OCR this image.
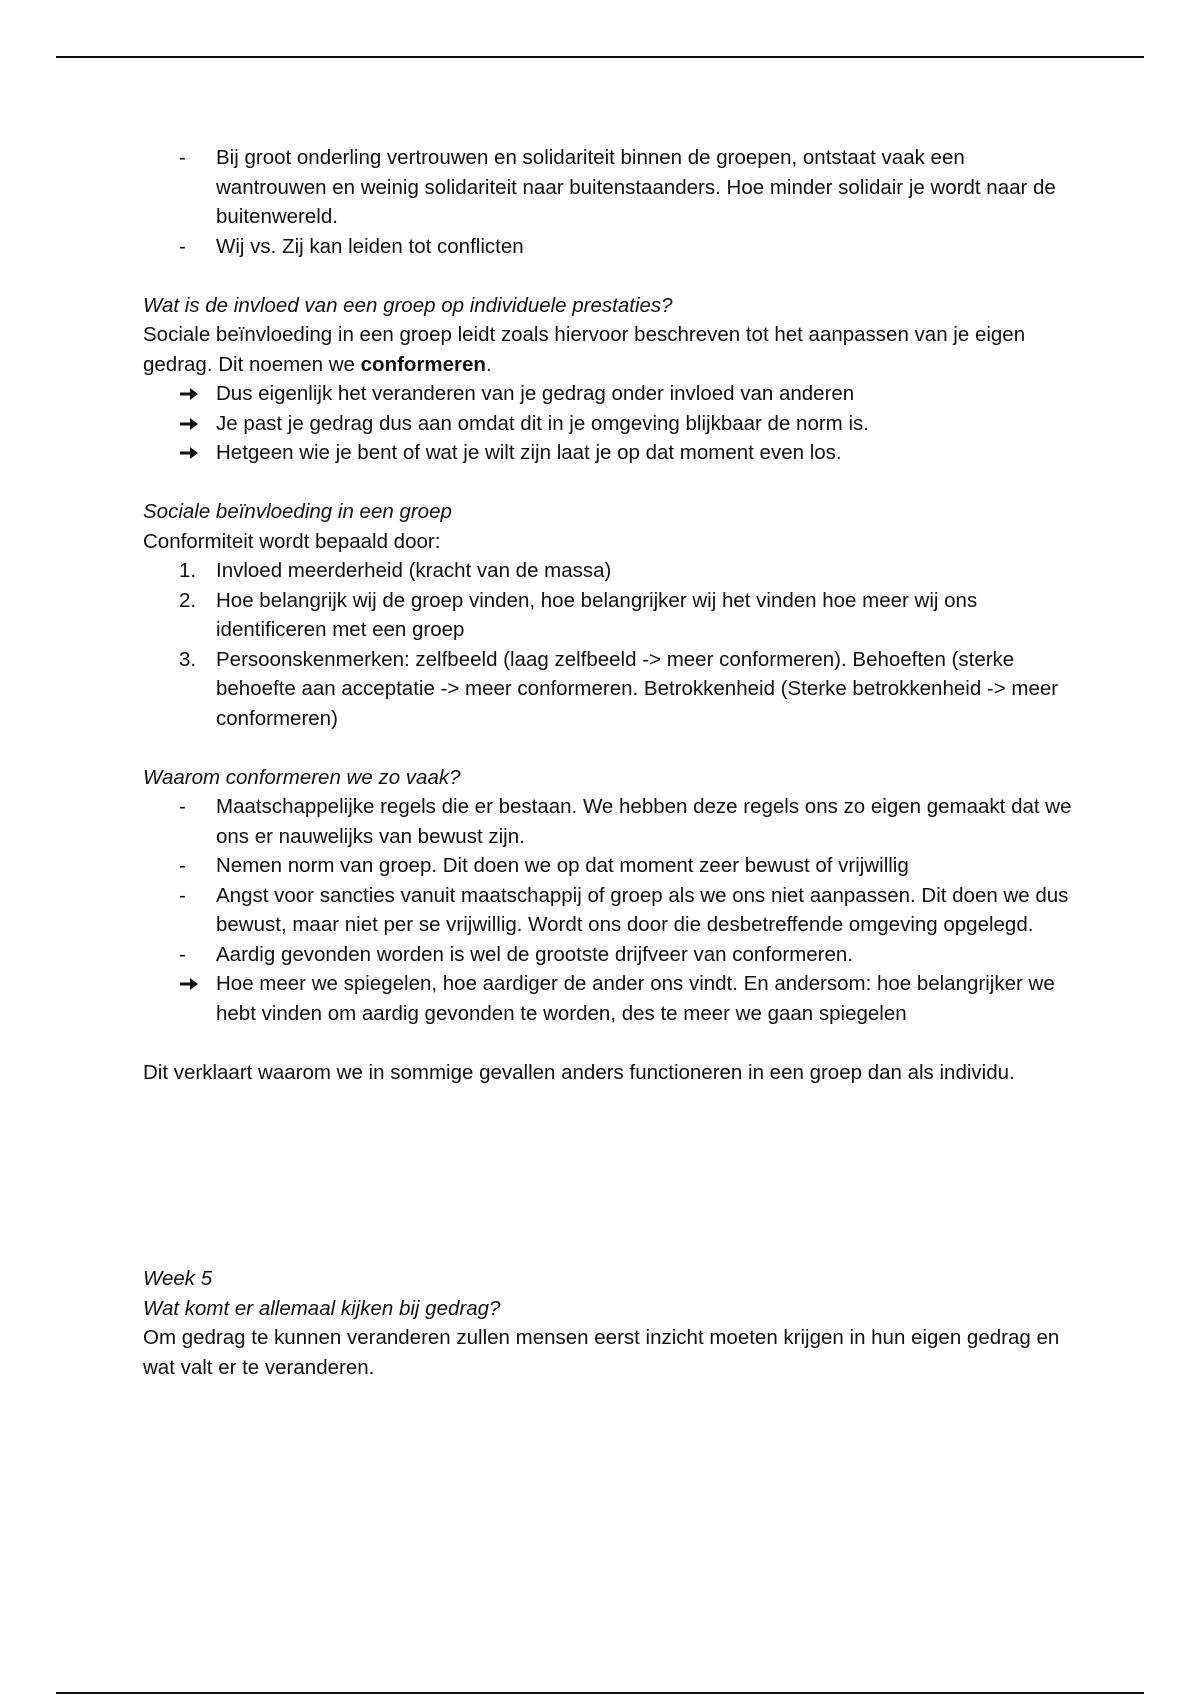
- Bij groot onderling vertrouwen en solidariteit binnen de groepen, ontstaat vaak een wantrouwen en weinig solidariteit naar buitenstaanders. Hoe minder solidair je wordt naar de buitenwereld.
- Wij vs. Zij kan leiden tot conflicten

Wat is de invloed van een groep op individuele prestaties?

Sociale beïnvloeding in een groep leidt zoals hiervoor beschreven tot het aanpassen van je eigen gedrag. Dit noemen we conformeren.

Dus eigenlijk het veranderen van je gedrag onder invloed van anderen
Je past je gedrag dus aan omdat dit in je omgeving blijkbaar de norm is.
Hetgeen wie je bent of wat je wilt zijn laat je op dat moment even los.

Sociale beïnvloeding in een groep

Conformiteit wordt bepaald door:

1. Invloed meerderheid (kracht van de massa)
2. Hoe belangrijk wij de groep vinden, hoe belangrijker wij het vinden hoe meer wij ons identificeren met een groep
3. Persoonskenmerken: zelfbeeld (laag zelfbeeld -> meer conformeren). Behoeften (sterke behoefte aan acceptatie -> meer conformeren. Betrokkenheid (Sterke betrokkenheid -> meer conformeren)

Waarom conformeren we zo vaak?

- Maatschappelijke regels die er bestaan. We hebben deze regels ons zo eigen gemaakt dat we ons er nauwelijks van bewust zijn.
- Nemen norm van groep. Dit doen we op dat moment zeer bewust of vrijwillig
- Angst voor sancties vanuit maatschappij of groep als we ons niet aanpassen. Dit doen we dus bewust, maar niet per se vrijwillig. Wordt ons door die desbetreffende omgeving opgelegd.
- Aardig gevonden worden is wel de grootste drijfveer van conformeren.
Hoe meer we spiegelen, hoe aardiger de ander ons vindt. En andersom: hoe belangrijker we hebt vinden om aardig gevonden te worden, des te meer we gaan spiegelen

Dit verklaart waarom we in sommige gevallen anders functioneren in een groep dan als individu.

Week 5

Wat komt er allemaal kijken bij gedrag?

Om gedrag te kunnen veranderen zullen mensen eerst inzicht moeten krijgen in hun eigen gedrag en wat valt er te veranderen.
